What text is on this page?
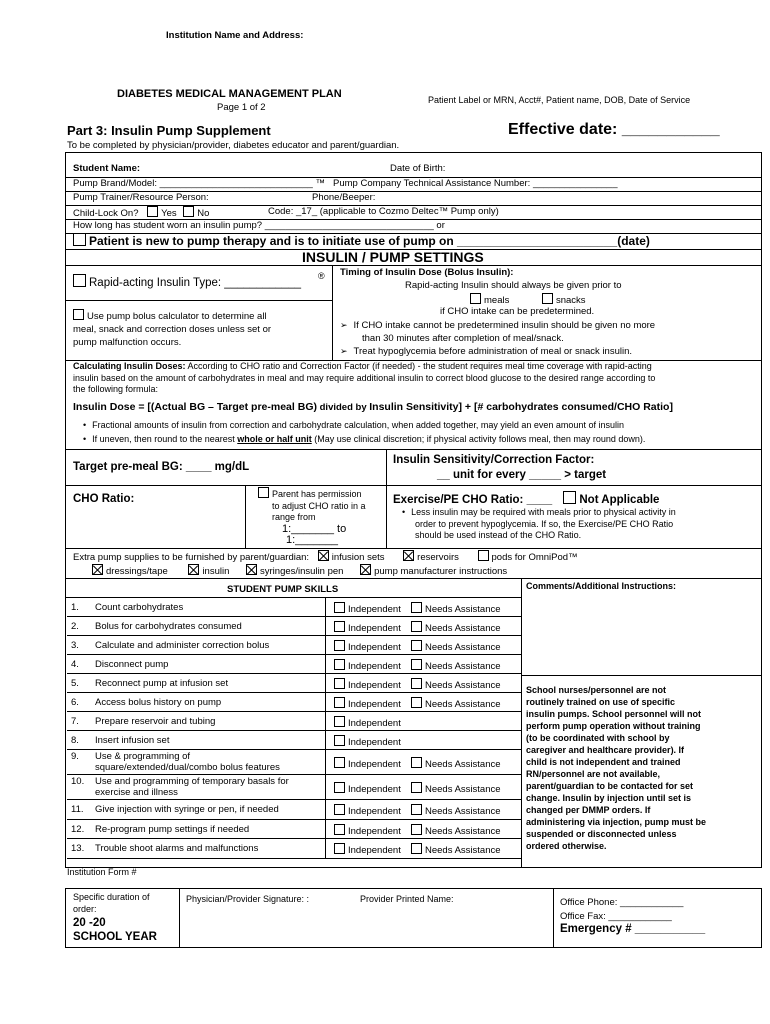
Institution Name and Address:
DIABETES MEDICAL MANAGEMENT PLAN
Page 1 of 2
Patient Label or MRN, Acct#, Patient name, DOB, Date of Service
Part 3: Insulin Pump Supplement	Effective date: ___________
To be completed by physician/provider, diabetes educator and parent/guardian.
Student Name:	Date of Birth:
Pump Brand/Model: _____________________________ ™ Pump Company Technical Assistance Number: ________________
Pump Trainer/Resource Person:	Phone/Beeper:
Child-Lock On? Yes No	Code: _17_ (applicable to Cozmo Deltec™ Pump only)
How long has student worn an insulin pump? ________________________________ or
Patient is new to pump therapy and is to initiate use of pump on ________________________(date)
INSULIN / PUMP SETTINGS
Rapid-acting Insulin Type: ____________
® Timing of Insulin Dose (Bolus Insulin):
Rapid-acting Insulin should always be given prior to
meals	snacks
if CHO intake can be predetermined.
➢ If CHO intake cannot be predetermined insulin should be given no more
than 30 minutes after completion of meal/snack.
➢ Treat hypoglycemia before administration of meal or snack insulin.
Use pump bolus calculator to determine all
meal, snack and correction doses unless set or
pump malfunction occurs.
Calculating Insulin Doses: According to CHO ratio and Correction Factor (if needed) - the student requires meal time coverage with rapid-acting
insulin based on the amount of carbohydrates in meal and may require additional insulin to correct blood glucose to the desired range according to
the following formula:
Insulin Dose = [(Actual BG – Target pre-meal BG) divided by Insulin Sensitivity] + [# carbohydrates consumed/CHO Ratio]
• Fractional amounts of insulin from correction and carbohydrate calculation, when added together, may yield an even amount of insulin
• If uneven, then round to the nearest whole or half unit (May use clinical discretion; if physical activity follows meal, then may round down).
Target pre-meal BG: ____ mg/dL
Insulin Sensitivity/Correction Factor:
__ unit for every _____ > target
CHO Ratio:	Parent has permission
to adjust CHO ratio in a
range from
1:_______ to
1:_______
Exercise/PE CHO Ratio: ____ Not Applicable
• Less insulin may be required with meals prior to physical activity in
order to prevent hypoglycemia. If so, the Exercise/PE CHO Ratio
should be used instead of the CHO Ratio.
Extra pump supplies to be furnished by parent/guardian: infusion sets	reservoirs	pods for OmniPod™
dressings/tape	insulin	syringes/insulin pen	pump manufacturer instructions
STUDENT PUMP SKILLS	Comments/Additional Instructions:
1. Count carbohydrates	Independent	Needs Assistance
2. Bolus for carbohydrates consumed	Independent	Needs Assistance
3. Calculate and administer correction bolus	Independent	Needs Assistance
4. Disconnect pump	Independent	Needs Assistance
5. Reconnect pump at infusion set	Independent	Needs Assistance
6. Access bolus history on pump	Independent	Needs Assistance
7. Prepare reservoir and tubing	Independent
8. Insert infusion set	Independent
9. Use & programming of
square/extended/dual/combo bolus features	Independent	Needs Assistance
10. Use and programming of temporary basals for
exercise and illness	Independent	Needs Assistance
11. Give injection with syringe or pen, if needed	Independent	Needs Assistance
12. Re-program pump settings if needed	Independent	Needs Assistance
13. Trouble shoot alarms and malfunctions	Independent	Needs Assistance
School nurses/personnel are not
routinely trained on use of specific
insulin pumps. School personnel will not
perform pump operation without training
(to be coordinated with school by
caregiver and healthcare provider). If
child is not independent and trained
RN/personnel are not available,
parent/guardian to be contacted for set
change. Insulin by injection until set is
changed per DMMP orders. If
administering via injection, pump must be
suspended or disconnected unless
ordered otherwise.
Institution Form #
Specific duration of
order:
20 -20
SCHOOL YEAR
Physician/Provider Signature: :	Provider Printed Name:	Office Phone: ____________
Office Fax: ____________
Emergency # ___________
